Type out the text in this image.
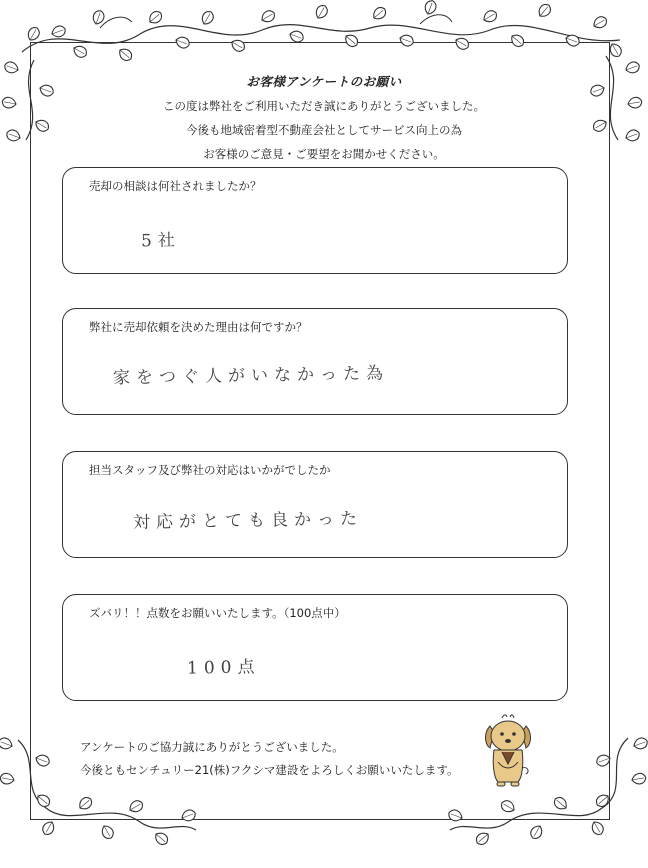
お客様アンケートのお願い
この度は弊社をご利用いただき誠にありがとうございました。
今後も地域密着型不動産会社としてサービス向上の為
お客様のご意見・ご要望をお聞かせください。
売却の相談は何社されましたか？
5社
弊社に売却依頼を決めた理由は何ですか？
家をつぐ人がいなかった為
担当スタッフ及び弊社の対応はいかがでしたか
対応がとても良かった
ズバリ！！点数をお願いいたします。（100点中）
100点
アンケートのご協力誠にありがとうございました。
今後ともセンチュリー21(株)フクシマ建設をよろしくお願いいたします。
